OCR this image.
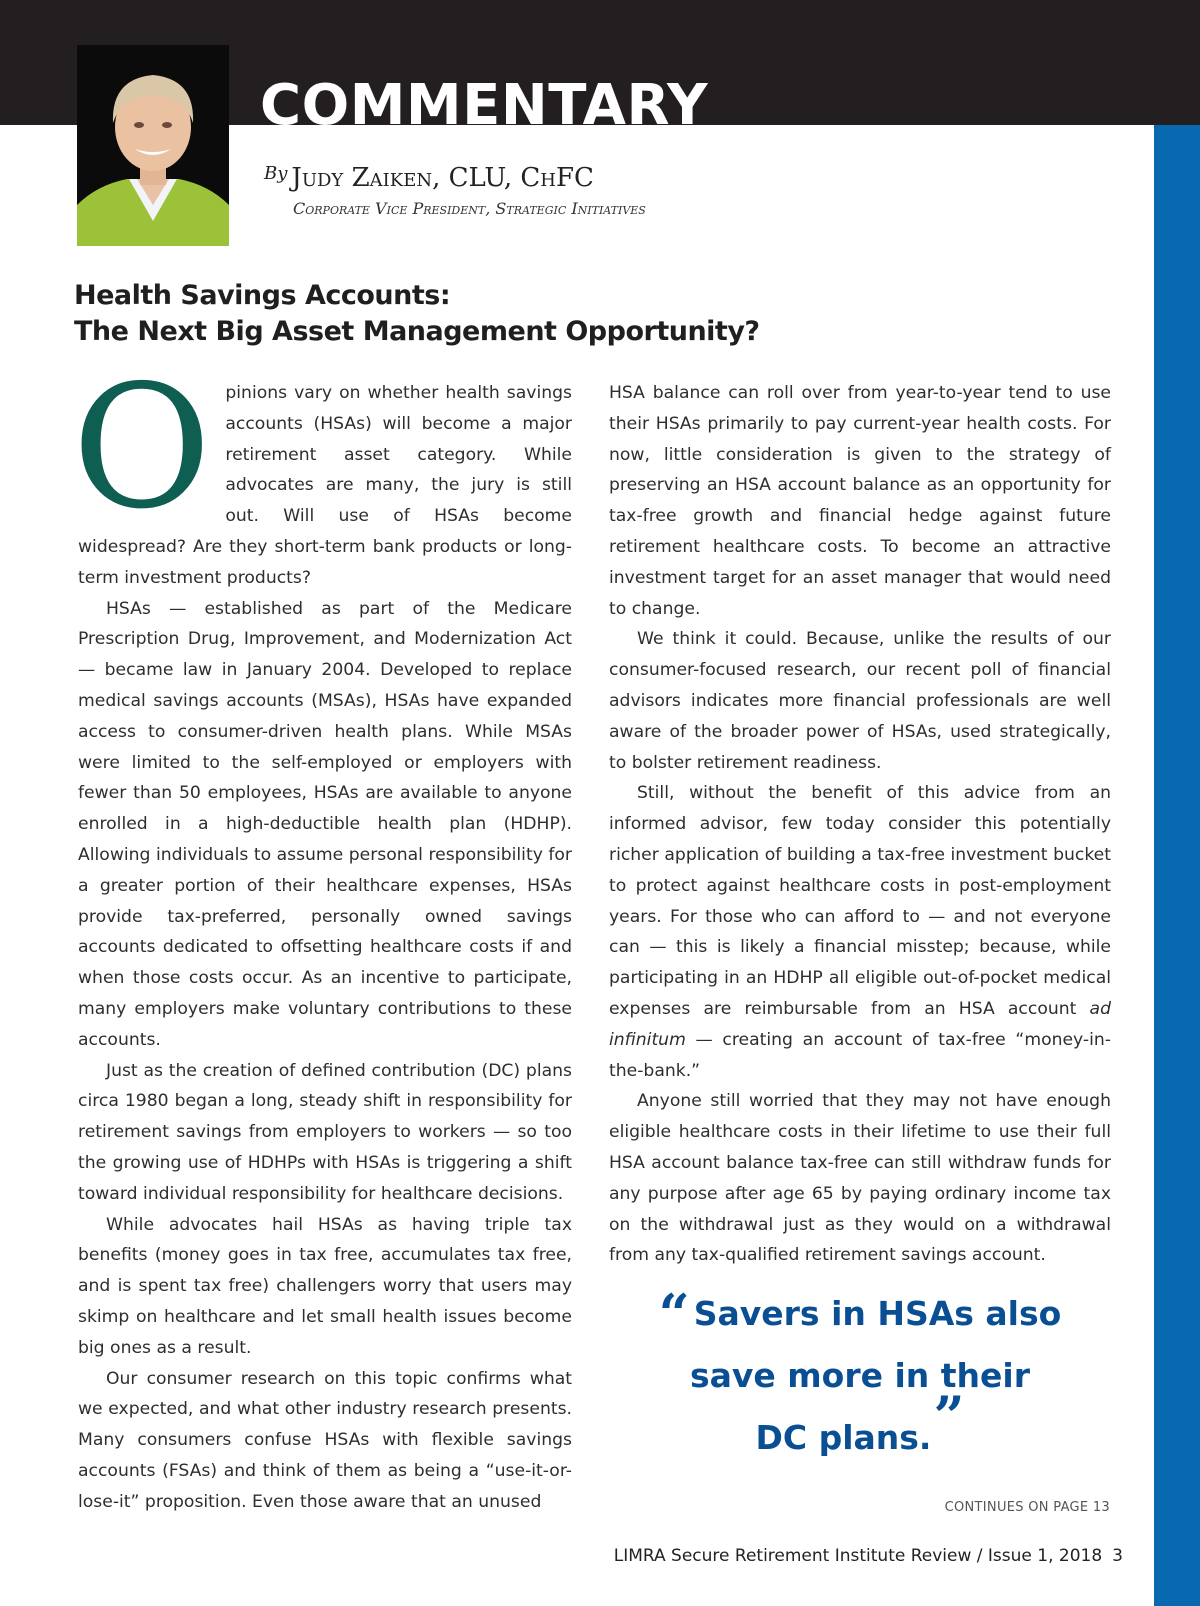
COMMENTARY
By Judy Zaiken, CLU, ChFC
Corporate Vice President, Strategic Initiatives
Health Savings Accounts:
The Next Big Asset Management Opportunity?

Opinions vary on whether health savings accounts (HSAs) will become a major retirement asset category. While advocates are many, the jury is still out. Will use of HSAs become widespread? Are they short-term bank products or long-term investment products?

HSAs — established as part of the Medicare Prescription Drug, Improvement, and Modernization Act — became law in January 2004. Developed to replace medical savings accounts (MSAs), HSAs have expanded access to consumer-driven health plans. While MSAs were limited to the self-employed or employers with fewer than 50 employees, HSAs are available to anyone enrolled in a high-deductible health plan (HDHP). Allowing individuals to assume personal responsibility for a greater portion of their healthcare expenses, HSAs provide tax-preferred, personally owned savings accounts dedicated to offsetting healthcare costs if and when those costs occur. As an incentive to participate, many employers make voluntary contributions to these accounts.

Just as the creation of defined contribution (DC) plans circa 1980 began a long, steady shift in responsibility for retirement savings from employers to workers — so too the growing use of HDHPs with HSAs is triggering a shift toward individual responsibility for healthcare decisions.

While advocates hail HSAs as having triple tax benefits (money goes in tax free, accumulates tax free, and is spent tax free) challengers worry that users may skimp on healthcare and let small health issues become big ones as a result.

Our consumer research on this topic confirms what we expected, and what other industry research presents. Many consumers confuse HSAs with flexible savings accounts (FSAs) and think of them as being a “use-it-or-lose-it” proposition. Even those aware that an unused

HSA balance can roll over from year-to-year tend to use their HSAs primarily to pay current-year health costs. For now, little consideration is given to the strategy of preserving an HSA account balance as an opportunity for tax-free growth and financial hedge against future retirement healthcare costs. To become an attractive investment target for an asset manager that would need to change.

We think it could. Because, unlike the results of our consumer-focused research, our recent poll of financial advisors indicates more financial professionals are well aware of the broader power of HSAs, used strategically, to bolster retirement readiness.

Still, without the benefit of this advice from an informed advisor, few today consider this potentially richer application of building a tax-free investment bucket to protect against healthcare costs in post-employment years. For those who can afford to — and not everyone can — this is likely a financial misstep; because, while participating in an HDHP all eligible out-of-pocket medical expenses are reimbursable from an HSA account ad infinitum — creating an account of tax-free “money-in-the-bank.”

Anyone still worried that they may not have enough eligible healthcare costs in their lifetime to use their full HSA account balance tax-free can still withdraw funds for any purpose after age 65 by paying ordinary income tax on the withdrawal just as they would on a withdrawal from any tax-qualified retirement savings account.

“ Savers in HSAs also
save more in their
DC plans.”
CONTINUES ON PAGE 13
LIMRA Secure Retirement Institute Review / Issue 1, 2018 3
